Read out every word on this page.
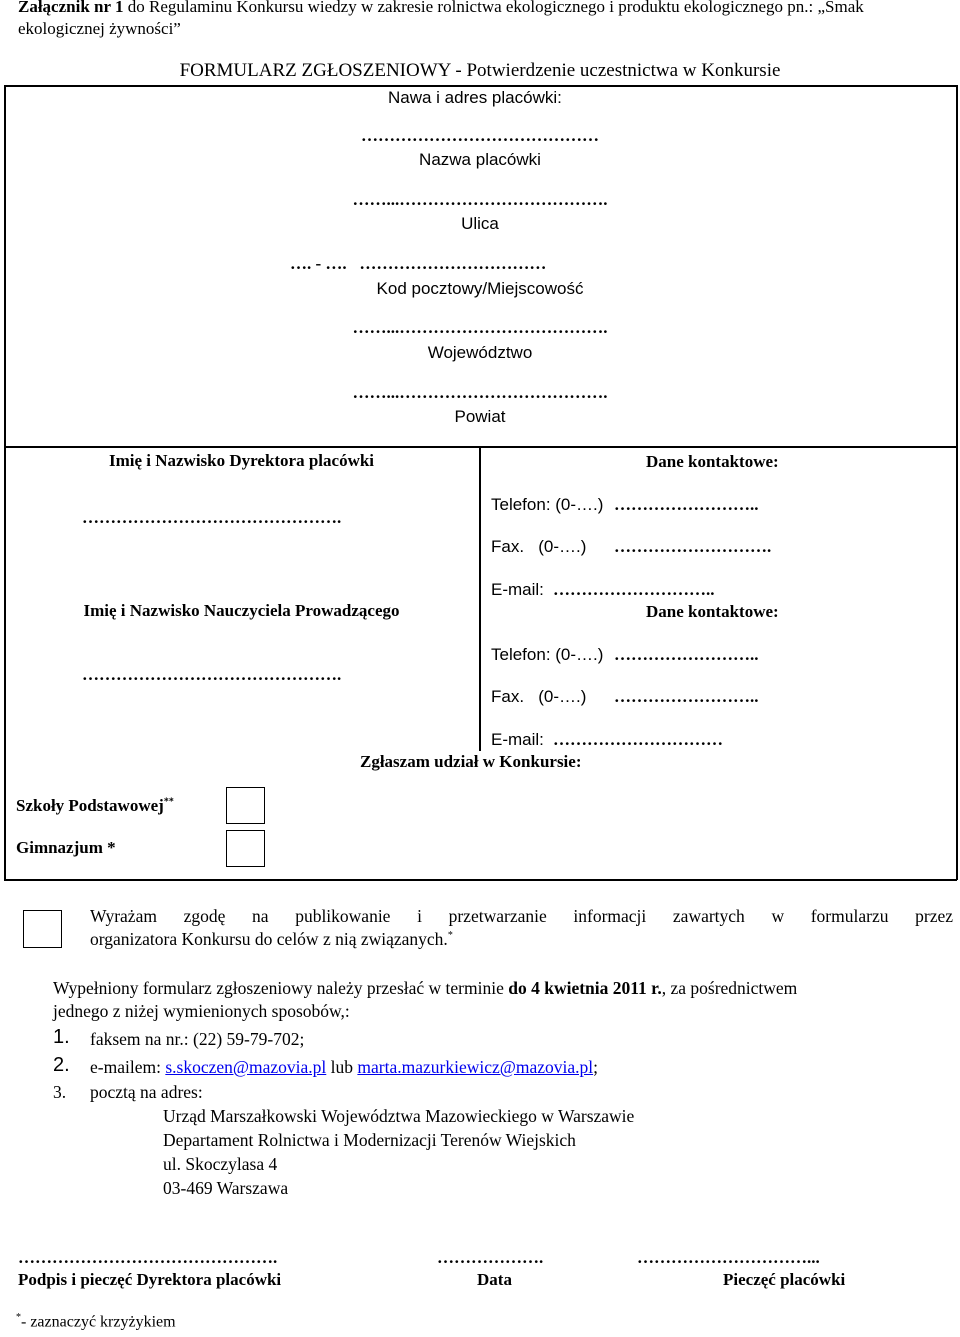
Załącznik nr 1 do Regulaminu Konkursu wiedzy w zakresie rolnictwa ekologicznego i produktu ekologicznego pn.: „Smak ekologicznej żywności”
FORMULARZ ZGŁOSZENIOWY - Potwierdzenie uczestnictwa w Konkursie
Nawa i adres placówki:
……………………………………
Nazwa placówki
……...……………………………….
Ulica
…. - ….   ……………………………
Kod pocztowy/Miejscowość
……...……………………………….
Województwo
……...……………………………….
Powiat
Imię i Nazwisko Dyrektora placówki
……………………………………….
Dane kontaktowe:
Telefon: (0-….) ……………………..
Fax.   (0-….) ……………………….
E-mail: ………………………..
Imię i Nazwisko Nauczyciela Prowadzącego
……………………………………….
Dane kontaktowe:
Telefon: (0-….) ……………………..
Fax.   (0-….) ……………………..
E-mail: …………………………
Zgłaszam udział w Konkursie:
Szkoły Podstawowej**
Gimnazjum *
Wyrażam zgodę na publikowanie i przetwarzanie informacji zawartych w formularzu przez
organizatora Konkursu do celów z nią związanych.*
Wypełniony formularz zgłoszeniowy należy przesłać w terminie do 4 kwietnia 2011 r., za pośrednictwem
jednego z niżej wymienionych sposobów,:
1. faksem na nr.: (22) 59-79-702;
2. e-mailem: s.skoczen@mazovia.pl lub marta.mazurkiewicz@mazovia.pl;
3. pocztą na adres:
Urząd Marszałkowski Województwa Mazowieckiego w Warszawie
Departament Rolnictwa i Modernizacji Terenów Wiejskich
ul. Skoczylasa 4
03-469 Warszawa
……………………………………….	……………….	…………………………...
Podpis i pieczęć Dyrektora placówki	Data	Pieczęć placówki
*- zaznaczyć krzyżykiem
